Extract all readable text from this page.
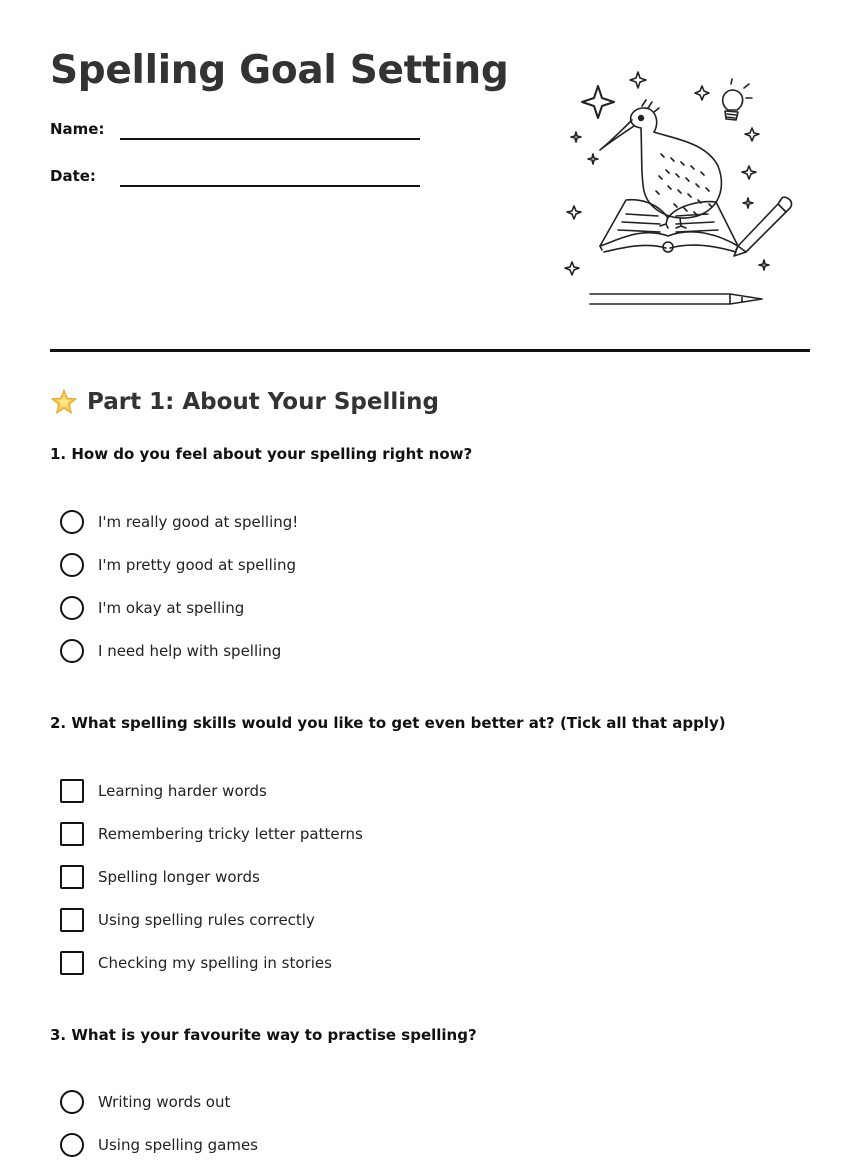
Spelling Goal Setting
Name:
Date:
Part 1: About Your Spelling

1. How do you feel about your spelling right now?

I'm really good at spelling!
I'm pretty good at spelling
I'm okay at spelling
I need help with spelling

2. What spelling skills would you like to get even better at? (Tick all that apply)

Learning harder words
Remembering tricky letter patterns
Spelling longer words
Using spelling rules correctly
Checking my spelling in stories

3. What is your favourite way to practise spelling?

Writing words out
Using spelling games
